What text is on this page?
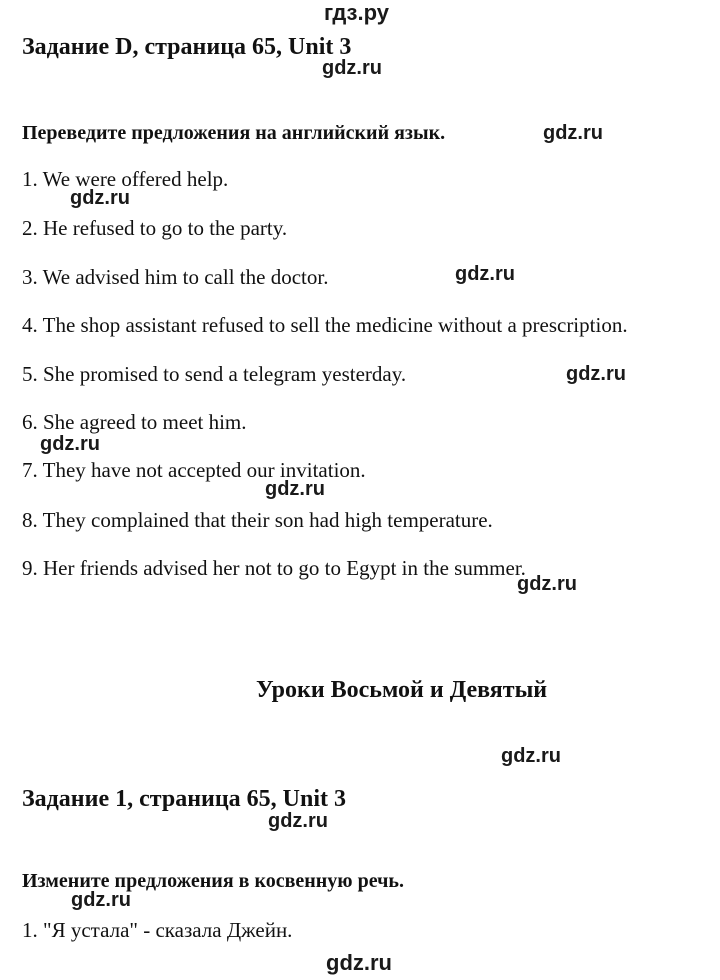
гдз.ру
Задание D, страница 65, Unit 3
gdz.ru
Переведите предложения на английский язык.	gdz.ru
1. We were offered help.
gdz.ru
2. He refused to go to the party.
3. We advised him to call the doctor.	gdz.ru
4. The shop assistant refused to sell the medicine without a prescription.
5. She promised to send a telegram yesterday.	gdz.ru
6. She agreed to meet him.
gdz.ru
7. They have not accepted our invitation.
gdz.ru
8. They complained that their son had high temperature.
9. Her friends advised her not to go to Egypt in the summer.
gdz.ru
Уроки Восьмой и Девятый
gdz.ru
Задание 1, страница 65, Unit 3
gdz.ru
Измените предложения в косвенную речь.
gdz.ru
1. "Я устала" - сказала Джейн.
gdz.ru
